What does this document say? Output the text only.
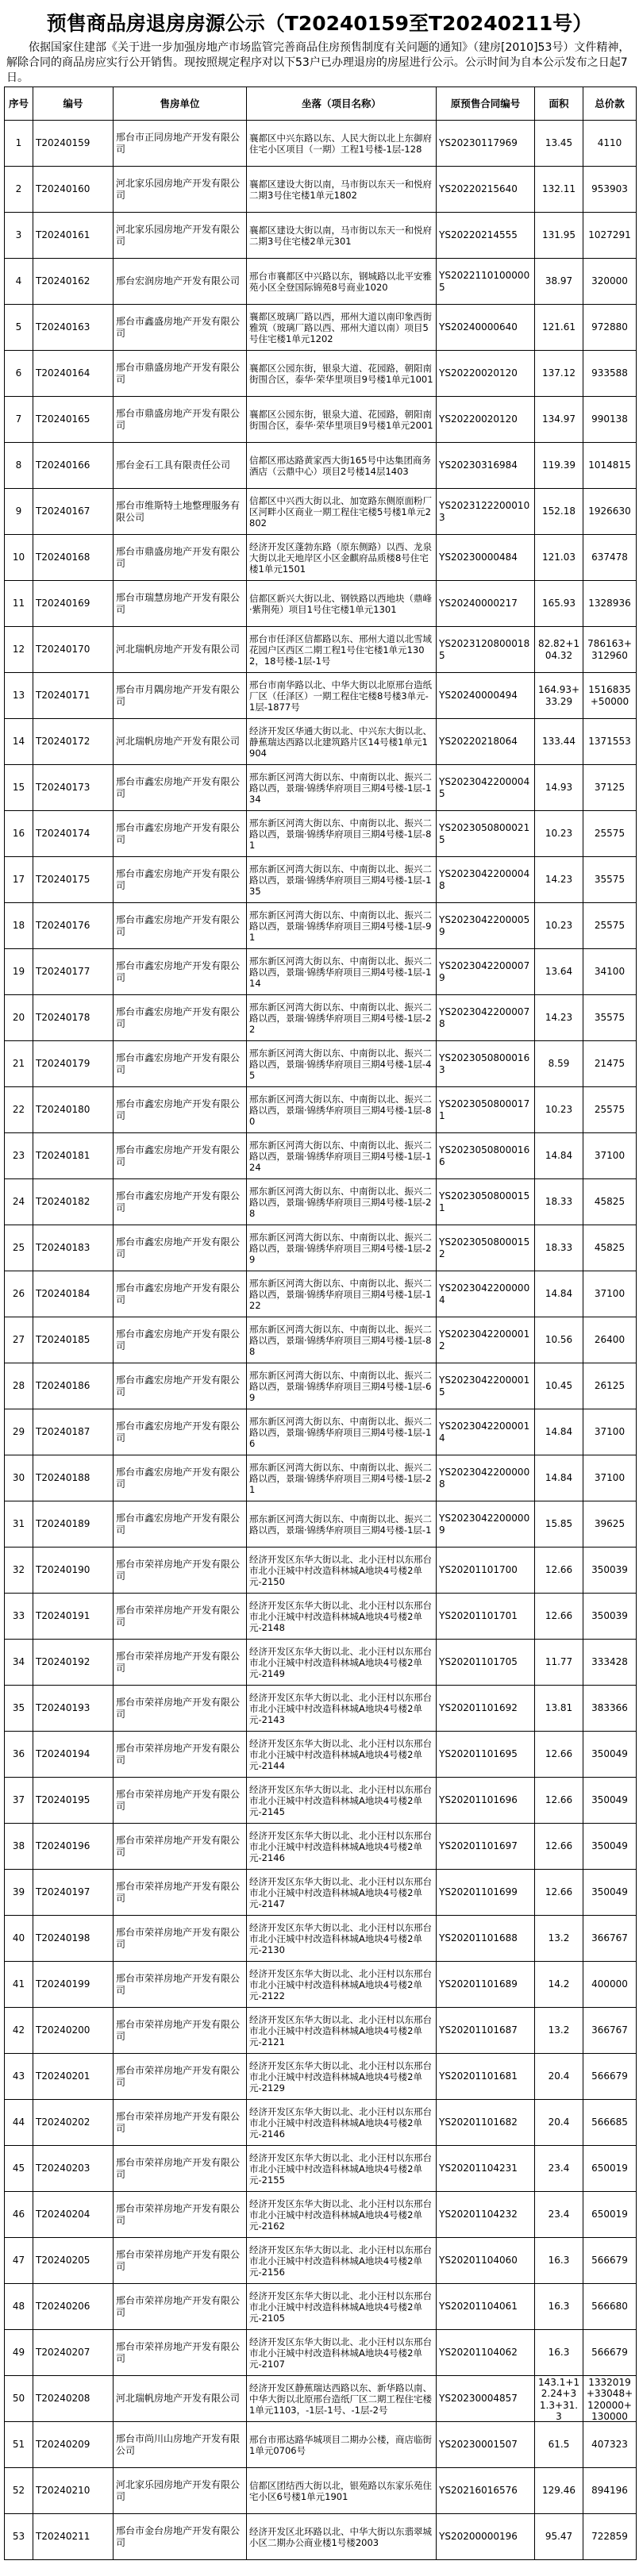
预售商品房退房房源公示（T20240159至T20240211号）

依据国家住建部《关于进一步加强房地产市场监管完善商品住房预售制度有关问题的通知》（建房[2010]53号）文件精神，解除合同的商品房应实行公开销售。现按照规定程序对以下53户已办理退房的房屋进行公示。公示时间为自本公示发布之日起7日。

序号	编号	售房单位	坐落（项目名称）	原预售合同编号	面积	总价款

1	T20240159	邢台市正同房地产开发有限公司	襄都区中兴东路以东、人民大街以北上东御府住宅小区项目（一期）工程1号楼-1层-128	YS20230117969	13.45	4110

2	T20240160	河北家乐园房地产开发有限公司	襄都区建设大街以南，马市街以东天一和悦府二期3号住宅楼1单元1802	YS20220215640	132.11	953903

3	T20240161	河北家乐园房地产开发有限公司	襄都区建设大街以南，马市街以东天一和悦府二期3号住宅楼2单元301	YS20220214555	131.95	1027291

4	T20240162	邢台宏润房地产开发有限公司	邢台市襄都区中兴路以东，钢城路以北平安雅苑小区全登国际锦苑8号商业1020	YS20221101000005	38.97	320000

5	T20240163	邢台市鑫盛房地产开发有限公司	襄都区玻璃厂路以西，邢州大道以南印象西街雅筑（玻璃厂路以西、邢州大道以南）项目5号住宅楼1单元1202	YS20240000640	121.61	972880

6	T20240164	邢台市鼎盛房地产开发有限公司	襄都区公园东街，银泉大道、花园路，朝阳南街围合区，泰华·荣华里项目9号楼1单元1001	YS20220020120	137.12	933588

7	T20240165	邢台市鼎盛房地产开发有限公司	襄都区公园东街，银泉大道、花园路，朝阳南街围合区，泰华·荣华里项目9号楼1单元2001	YS20220020120	134.97	990138

8	T20240166	邢台金石工具有限责任公司	信都区邢达路黄家西大街165号中达集团商务酒店（云鼎中心）项目2号楼14层1403	YS20230316984	119.39	1014815

9	T20240167	邢台市维斯特土地整理服务有限公司	信都区中兴西大街以北、加宽路东侧原面粉厂区河畔小区商业一期工程住宅楼5号楼1单元2802	YS20231222000103	152.18	1926630

10	T20240168	邢台市鼎盛房地产开发有限公司	经济开发区蓬勃东路（原东侧路）以西、龙泉大街以北天地岸区小区金麒府品质楼8号住宅楼1单元1501	YS20230000484	121.03	637478

11	T20240169	邢台市瑞慧房地产开发有限公司	信都区新兴大街以北、钢铁路以西地块（鼎峰·紫荆苑）项目1号住宅楼1单元1301	YS20240000217	165.93	1328936

12	T20240170	河北瑞帆房地产开发有限公司	邢台市任泽区信都路以东、邢州大道以北雪域花园户区西区二期工程1号住宅楼1单元1302，18号楼-1层-1号	YS20231208000185	82.82+104.32	786163+312960

13	T20240171	邢台市月隅房地产开发有限公司	邢台市南华路以北、中华大街以北原邢台造纸厂区（任泽区）一期工程住宅楼8号楼3单元-1层-1877号	YS20240000494	164.93+33.29	1516835+50000

14	T20240172	河北瑞帆房地产开发有限公司	经济开发区华通大街以北、中兴东大街以北、静蕉瑞达西路以北建筑路片区14号楼1单元1904	YS20220218064	133.44	1371553

15	T20240173	邢台市鑫宏房地产开发有限公司	邢东新区河湾大街以东、中南街以北、振兴二路以西，景瑞·锦绣华府项目三期4号楼-1层-134	YS20230422000045	14.93	37125

16	T20240174	邢台市鑫宏房地产开发有限公司	邢东新区河湾大街以东、中南街以北、振兴二路以西，景瑞·锦绣华府项目三期4号楼-1层-81	YS20230508000215	10.23	25575

17	T20240175	邢台市鑫宏房地产开发有限公司	邢东新区河湾大街以东、中南街以北、振兴二路以西，景瑞·锦绣华府项目三期4号楼-1层-135	YS20230422000048	14.23	35575

18	T20240176	邢台市鑫宏房地产开发有限公司	邢东新区河湾大街以东、中南街以北、振兴二路以西，景瑞·锦绣华府项目三期4号楼-1层-91	YS20230422000059	10.23	25575

19	T20240177	邢台市鑫宏房地产开发有限公司	邢东新区河湾大街以东、中南街以北、振兴二路以西，景瑞·锦绣华府项目三期4号楼-1层-114	YS20230422000079	13.64	34100

20	T20240178	邢台市鑫宏房地产开发有限公司	邢东新区河湾大街以东、中南街以北、振兴二路以西，景瑞·锦绣华府项目三期4号楼-1层-22	YS20230422000078	14.23	35575

21	T20240179	邢台市鑫宏房地产开发有限公司	邢东新区河湾大街以东、中南街以北、振兴二路以西，景瑞·锦绣华府项目三期4号楼-1层-45	YS20230508000163	8.59	21475

22	T20240180	邢台市鑫宏房地产开发有限公司	邢东新区河湾大街以东、中南街以北、振兴二路以西，景瑞·锦绣华府项目三期4号楼-1层-80	YS20230508000171	10.23	25575

23	T20240181	邢台市鑫宏房地产开发有限公司	邢东新区河湾大街以东、中南街以北、振兴二路以西，景瑞·锦绣华府项目三期4号楼-1层-124	YS20230508000166	14.84	37100

24	T20240182	邢台市鑫宏房地产开发有限公司	邢东新区河湾大街以东、中南街以北、振兴二路以西，景瑞·锦绣华府项目三期4号楼-1层-28	YS20230508000151	18.33	45825

25	T20240183	邢台市鑫宏房地产开发有限公司	邢东新区河湾大街以东、中南街以北、振兴二路以西，景瑞·锦绣华府项目三期4号楼-1层-29	YS20230508000152	18.33	45825

26	T20240184	邢台市鑫宏房地产开发有限公司	邢东新区河湾大街以东、中南街以北、振兴二路以西，景瑞·锦绣华府项目三期4号楼-1层-122	YS20230422000004	14.84	37100

27	T20240185	邢台市鑫宏房地产开发有限公司	邢东新区河湾大街以东、中南街以北、振兴二路以西，景瑞·锦绣华府项目三期4号楼-1层-88	YS20230422000012	10.56	26400

28	T20240186	邢台市鑫宏房地产开发有限公司	邢东新区河湾大街以东、中南街以北、振兴二路以西，景瑞·锦绣华府项目三期4号楼-1层-69	YS20230422000015	10.45	26125

29	T20240187	邢台市鑫宏房地产开发有限公司	邢东新区河湾大街以东、中南街以北、振兴二路以西，景瑞·锦绣华府项目三期4号楼-1层-16	YS20230422000014	14.84	37100

30	T20240188	邢台市鑫宏房地产开发有限公司	邢东新区河湾大街以东、中南街以北、振兴二路以西，景瑞·锦绣华府项目三期4号楼-1层-21	YS20230422000008	14.84	37100

31	T20240189	邢台市鑫宏房地产开发有限公司	邢东新区河湾大街以东、中南街以北、振兴二路以西，景瑞·锦绣华府项目三期4号楼-1层-1	YS20230422000009	15.85	39625

32	T20240190	邢台市荣祥房地产开发有限公司	经济开发区东华大街以北、北小汪村以东邢台市北小汪城中村改造科林城A地块4号楼2单元-2150	YS20201101700	12.66	350039

33	T20240191	邢台市荣祥房地产开发有限公司	经济开发区东华大街以北、北小汪村以东邢台市北小汪城中村改造科林城A地块4号楼2单元-2148	YS20201101701	12.66	350039

34	T20240192	邢台市荣祥房地产开发有限公司	经济开发区东华大街以北、北小汪村以东邢台市北小汪城中村改造科林城A地块4号楼2单元-2149	YS20201101705	11.77	333428

35	T20240193	邢台市荣祥房地产开发有限公司	经济开发区东华大街以北、北小汪村以东邢台市北小汪城中村改造科林城A地块4号楼2单元-2143	YS20201101692	13.81	383366

36	T20240194	邢台市荣祥房地产开发有限公司	经济开发区东华大街以北、北小汪村以东邢台市北小汪城中村改造科林城A地块4号楼2单元-2144	YS20201101695	12.66	350049

37	T20240195	邢台市荣祥房地产开发有限公司	经济开发区东华大街以北、北小汪村以东邢台市北小汪城中村改造科林城A地块4号楼2单元-2145	YS20201101696	12.66	350049

38	T20240196	邢台市荣祥房地产开发有限公司	经济开发区东华大街以北、北小汪村以东邢台市北小汪城中村改造科林城A地块4号楼2单元-2146	YS20201101697	12.66	350049

39	T20240197	邢台市荣祥房地产开发有限公司	经济开发区东华大街以北、北小汪村以东邢台市北小汪城中村改造科林城A地块4号楼2单元-2147	YS20201101699	12.66	350049

40	T20240198	邢台市荣祥房地产开发有限公司	经济开发区东华大街以北、北小汪村以东邢台市北小汪城中村改造科林城A地块4号楼2单元-2130	YS20201101688	13.2	366767

41	T20240199	邢台市荣祥房地产开发有限公司	经济开发区东华大街以北、北小汪村以东邢台市北小汪城中村改造科林城A地块4号楼2单元-2122	YS20201101689	14.2	400000

42	T20240200	邢台市荣祥房地产开发有限公司	经济开发区东华大街以北、北小汪村以东邢台市北小汪城中村改造科林城A地块4号楼2单元-2121	YS20201101687	13.2	366767

43	T20240201	邢台市荣祥房地产开发有限公司	经济开发区东华大街以北、北小汪村以东邢台市北小汪城中村改造科林城A地块4号楼2单元-2129	YS20201101681	20.4	566679

44	T20240202	邢台市荣祥房地产开发有限公司	经济开发区东华大街以北、北小汪村以东邢台市北小汪城中村改造科林城A地块4号楼2单元-2146	YS20201101682	20.4	566685

45	T20240203	邢台市荣祥房地产开发有限公司	经济开发区东华大街以北、北小汪村以东邢台市北小汪城中村改造科林城A地块4号楼2单元-2155	YS20201104231	23.4	650019

46	T20240204	邢台市荣祥房地产开发有限公司	经济开发区东华大街以北、北小汪村以东邢台市北小汪城中村改造科林城A地块4号楼2单元-2162	YS20201104232	23.4	650019

47	T20240205	邢台市荣祥房地产开发有限公司	经济开发区东华大街以北、北小汪村以东邢台市北小汪城中村改造科林城A地块4号楼2单元-2156	YS20201104060	16.3	566679

48	T20240206	邢台市荣祥房地产开发有限公司	经济开发区东华大街以北、北小汪村以东邢台市北小汪城中村改造科林城A地块4号楼2单元-2105	YS20201104061	16.3	566680

49	T20240207	邢台市荣祥房地产开发有限公司	经济开发区东华大街以北、北小汪村以东邢台市北小汪城中村改造科林城A地块4号楼2单元-2107	YS20201104062	16.3	566679

50	T20240208	河北瑞帆房地产开发有限公司	经济开发区静蕉瑞达西路以东、新华路以南、中华大街以北原邢台造纸厂区二期工程住宅楼1单元1103，-1层-1号、-1层-2号	YS20230004857	143.1+12.24+31.3+31.3	1332019+33048+120000+130000

51	T20240209	邢台市尚川山房地产开发有限公司	邢台市邢达路华城项目二期办公楼，商店临街1单元0706号	YS20230001507	61.5	407323

52	T20240210	河北家乐园房地产开发有限公司	信都区团结西大街以北，银苑路以东家乐苑住宅小区6号楼1单元1901	YS20216016576	129.46	894196

53	T20240211	邢台市金台房地产开发有限公司	经济开发区北环路以北、中华大街以东翡翠城小区二期办公商业楼1号楼2003	YS20200000196	95.47	722859
